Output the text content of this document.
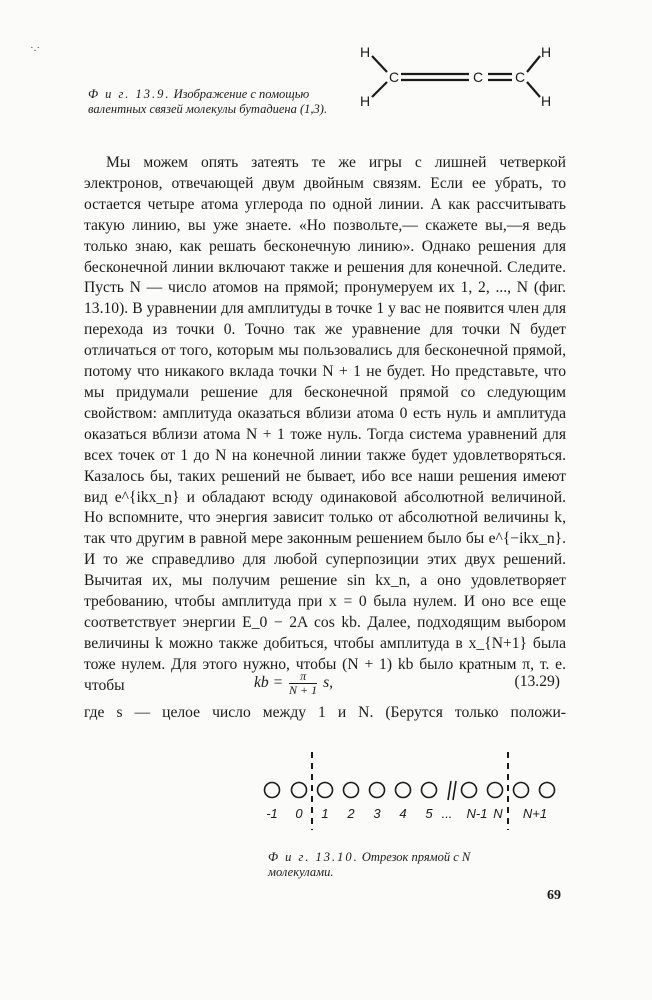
·.·
Ф и г. 13.9. Изображение с помощью валентных связей молекулы бутадиена (1,3).
H
H
C	C C
H
H

Мы можем опять затеять те же игры с лишней четверкой электронов, отвечающей двум двойным связям. Если ее убрать, то остается четыре атома углерода по одной линии. А как рассчитывать такую линию, вы уже знаете. «Но позвольте,— скажете вы,—я ведь только знаю, как решать бесконечную линию». Однако решения для бесконечной линии включают также и решения для конечной. Следите. Пусть N — число атомов на прямой; пронумеруем их 1, 2, ..., N (фиг. 13.10). В уравнении для амплитуды в точке 1 у вас не появится член для перехода из точки 0. Точно так же уравнение для точки N будет отличаться от того, которым мы пользовались для бесконечной прямой, потому что никакого вклада точки N + 1 не будет. Но представьте, что мы придумали решение для бесконечной прямой со следующим свойством: амплитуда оказаться вблизи атома 0 есть нуль и амплитуда оказаться вблизи атома N + 1 тоже нуль. Тогда система уравнений для всех точек от 1 до N на конечной линии также будет удовлетворяться. Казалось бы, таких решений не бывает, ибо все наши решения имеют вид e^{ikx_n} и обладают всюду одинаковой абсолютной величиной. Но вспомните, что энергия зависит только от абсолютной величины k, так что другим в равной мере законным решением было бы e^{−ikx_n}. И то же справедливо для любой суперпозиции этих двух решений. Вычитая их, мы получим решение sin kx_n, а оно удовлетворяет требованию, чтобы амплитуда при x = 0 была нулем. И оно все еще соответствует энергии E_0 − 2A cos kb. Далее, подходящим выбором величины k можно также добиться, чтобы амплитуда в x_{N+1} была тоже нулем. Для этого нужно, чтобы (N + 1) kb было кратным π, т. е. чтобы	kb = $\frac{\pi}{N + 1} s$,	(13.29)
где s — целое число между 1 и N. (Берутся только положи-
-1 0 1 2 3 4 5 ... N-1 N N+1
Ф и г. 13.10. Отрезок прямой с N молекулами.
69
